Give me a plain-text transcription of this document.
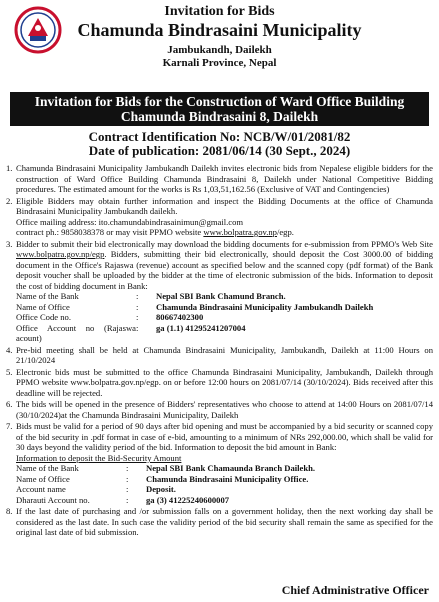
Invitation for Bids
Chamunda Bindrasaini Municipality
Jambukandh, Dailekh
Karnali Province, Nepal
Invitation for Bids for the Construction of Ward Office Building
Chamunda Bindrasaini 8, Dailekh
Contract Identification No: NCB/W/01/2081/82
Date of publication: 2081/06/14 (30 Sept., 2024)
1. Chamunda Bindrasaini Municipality Jambukandh Dailekh invites electronic bids from Nepalese eligible bidders for the construction of Ward Office Building Chamunda Bindrasaini 8, Dailekh under National Competitive Bidding procedures. The estimated amount for the works is Rs 1,03,51,162.56 (Exclusive of VAT and Contingencies)
2. Eligible Bidders may obtain further information and inspect the Bidding Documents at the office of Chamunda Bindrasaini Municipality Jambukandh dailekh.
Office mailing address: ito.chamundabindrasainimun@gmail.com
contract ph.: 9858038378 or may visit PPMO website www.bolpatra.gov.np/egp.
3. Bidder to submit their bid electronically may download the bidding documents for e-submission from PPMO's Web Site www.bolpatra.gov.np/egp. Bidders, submitting their bid electronically, should deposit the Cost 3000.00 of bidding document in the Office's Rajaswa (revenue) account as specified below and the scanned copy (pdf format) of the Bank deposit voucher shall be uploaded by the bidder at the time of electronic submission of the bids. Information to deposit the cost of bidding document in Bank:
Name of the Bank	:	Nepal SBI Bank Chamund Branch.
Name of Office	:	Chamunda Bindrasaini Municipality Jambukandh Dailekh
Office Code no.	:	80667402300
Office Account no (Rajaswa acount)
:	ga (1.1) 41295241207004
4. Pre-bid meeting shall be held at Chamunda Bindrasaini Municipality, Jambukandh, Dailekh at 11:00 Hours on 21/10/2024
5. Electronic bids must be submitted to the office Chamunda Bindrasaini Municipality, Jambukandh, Dailekh through PPMO website www.bolpatra.gov.np/egp. on or before 12:00 hours on 2081/07/14 (30/10/2024). Bids received after this deadline will be rejected.
6. The bids will be opened in the presence of Bidders' representatives who choose to attend at 14:00 Hours on 2081/07/14 (30/10/2024)at the Chamunda Bindrasaini Municipality, Dailekh
7. Bids must be valid for a period of 90 days after bid opening and must be accompanied by a bid security or scanned copy of the bid security in .pdf format in case of e-bid, amounting to a minimum of NRs 292,000.00, which shall be valid for 30 days beyond the validity period of the bid. Information to deposit the bid amount in Bank:
Information to deposit the Bid-Security Amount
Name of the Bank	:	Nepal SBI Bank Chamaunda Branch Dailekh.
Name of Office	:	Chamunda Bindrasaini Municipality Office.
Account name	:	Deposit.
Dharauti Account no.	:	ga (3) 41225240600007
8. If the last date of purchasing and /or submission falls on a government holiday, then the next working day shall be considered as the last date. In such case the validity period of the bid security shall remain the same as specified for the original last date of bid submission.
Chief Administrative Officer
